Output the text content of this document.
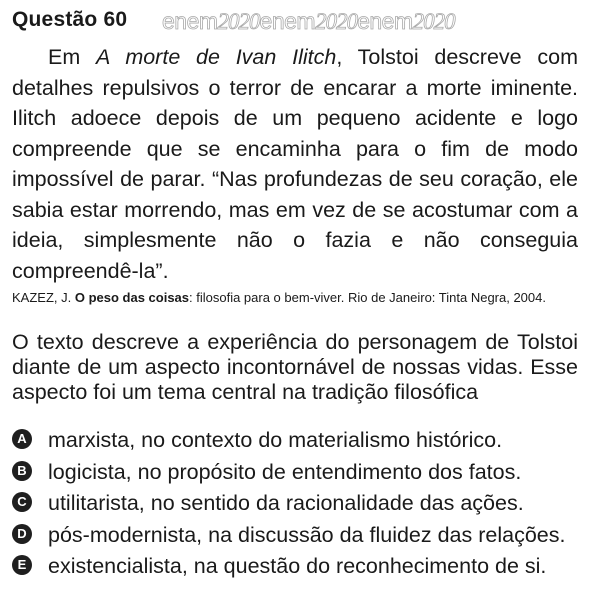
Questão 60 enem2020enem2020enem2020

Em A morte de Ivan Ilitch, Tolstoi descreve com detalhes repulsivos o terror de encarar a morte iminente. Ilitch adoece depois de um pequeno acidente e logo compreende que se encaminha para o fim de modo impossível de parar. “Nas profundezas de seu coração, ele sabia estar morrendo, mas em vez de se acostumar com a ideia, simplesmente não o fazia e não conseguia compreendê-la”.

KAZEZ, J. O peso das coisas: filosofia para o bem-viver. Rio de Janeiro: Tinta Negra, 2004.

O texto descreve a experiência do personagem de Tolstoi diante de um aspecto incontornável de nossas vidas. Esse aspecto foi um tema central na tradição filosófica

A marxista, no contexto do materialismo histórico.
B logicista, no propósito de entendimento dos fatos.
C utilitarista, no sentido da racionalidade das ações.
D pós-modernista, na discussão da fluidez das relações.
E existencialista, na questão do reconhecimento de si.
